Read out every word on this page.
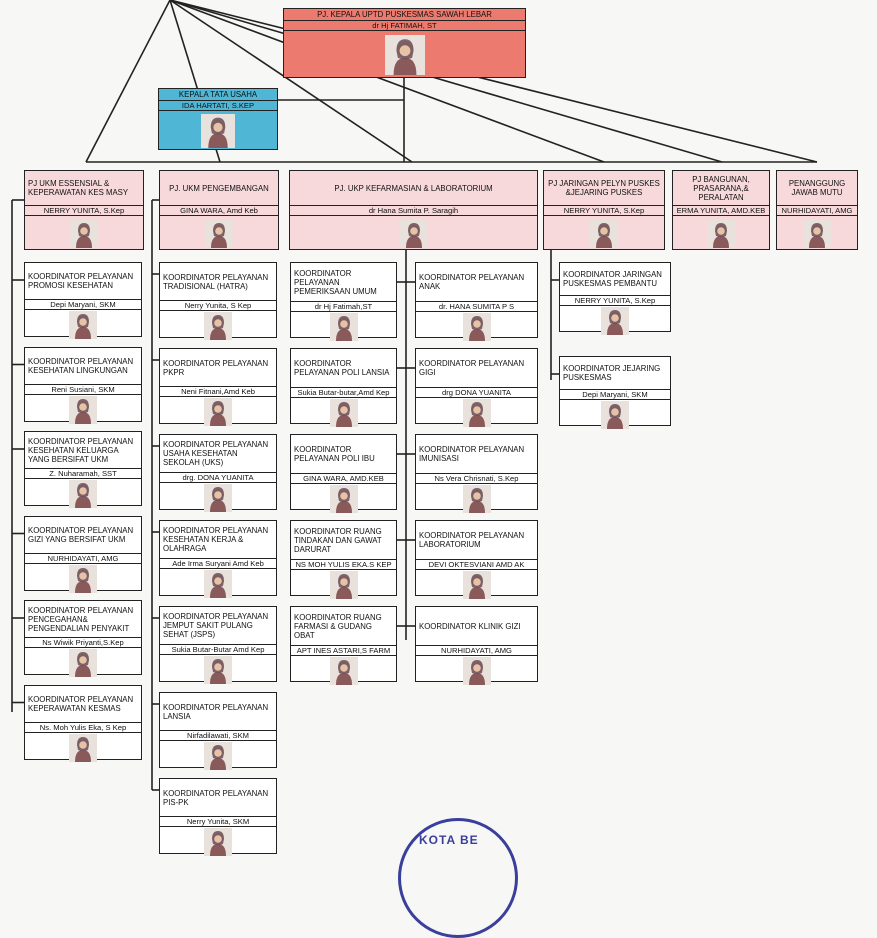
PJ. KEPALA UPTD PUSKESMAS SAWAH LEBAR
dr Hj FATIMAH, ST
KEPALA TATA USAHA
IDA HARTATI, S.KEP
PJ UKM ESSENSIAL & KEPERAWATAN KES MASY
NERRY YUNITA, S.Kep
PJ. UKM PENGEMBANGAN
GINA WARA, Amd Keb
PJ. UKP KEFARMASIAN & LABORATORIUM
dr Hana Sumita P. Saragih
PJ JARINGAN PELYN PUSKES &JEJARING PUSKES
NERRY YUNITA, S.Kep
PJ BANGUNAN, PRASARANA,& PERALATAN
ERMA YUNITA, AMD.KEB
PENANGGUNG JAWAB MUTU
NURHIDAYATI, AMG
KOORDINATOR PELAYANAN PROMOSI KESEHATAN
Depi Maryani, SKM
KOORDINATOR PELAYANAN KESEHATAN LINGKUNGAN
Reni Susiani, SKM
KOORDINATOR PELAYANAN KESEHATAN KELUARGA YANG BERSIFAT UKM
Z. Nuharamah, SST
KOORDINATOR PELAYANAN GIZI YANG BERSIFAT UKM
NURHIDAYATI, AMG
KOORDINATOR PELAYANAN PENCEGAHAN& PENGENDALIAN PENYAKIT
Ns Wiwik Priyanti,S.Kep
KOORDINATOR PELAYANAN KEPERAWATAN KESMAS
Ns. Moh Yulis Eka, S Kep
KOORDINATOR PELAYANAN TRADISIONAL (HATRA)
Nerry Yunita, S Kep
KOORDINATOR PELAYANAN PKPR
Neni Fitnani,Amd Keb
KOORDINATOR PELAYANAN USAHA KESEHATAN SEKOLAH (UKS)
drg. DONA YUANITA
KOORDINATOR PELAYANAN KESEHATAN KERJA & OLAHRAGA
Ade Irma Suryani Amd Keb
KOORDINATOR PELAYANAN JEMPUT SAKIT PULANG SEHAT (JSPS)
Sukia Butar-Butar Amd Kep
KOORDINATOR PELAYANAN LANSIA
Nirfadilawati, SKM
KOORDINATOR PELAYANAN PIS-PK
Nerry Yunita, SKM
KOORDINATOR PELAYANAN PEMERIKSAAN UMUM
dr Hj Fatimah,ST
KOORDINATOR PELAYANAN POLI LANSIA
Sukia Butar-butar,Amd Kep
KOORDINATOR PELAYANAN POLI IBU
GINA WARA, AMD.KEB
KOORDINATOR RUANG TINDAKAN DAN GAWAT DARURAT
NS MOH YULIS EKA.S KEP
KOORDINATOR RUANG FARMASI & GUDANG OBAT
APT INES ASTARI,S FARM
KOORDINATOR PELAYANAN ANAK
dr. HANA SUMITA P S
KOORDINATOR PELAYANAN GIGI
drg DONA YUANITA
KOORDINATOR PELAYANAN IMUNISASI
Ns Vera Chrisnati, S.Kep
KOORDINATOR PELAYANAN LABORATORIUM
DEVI OKTESVIANI AMD AK
KOORDINATOR KLINIK GIZI
NURHIDAYATI, AMG
KOORDINATOR JARINGAN PUSKESMAS PEMBANTU
NERRY YUNITA, S.Kep
KOORDINATOR JEJARING PUSKESMAS
Depi Maryani, SKM
KOTA BE
